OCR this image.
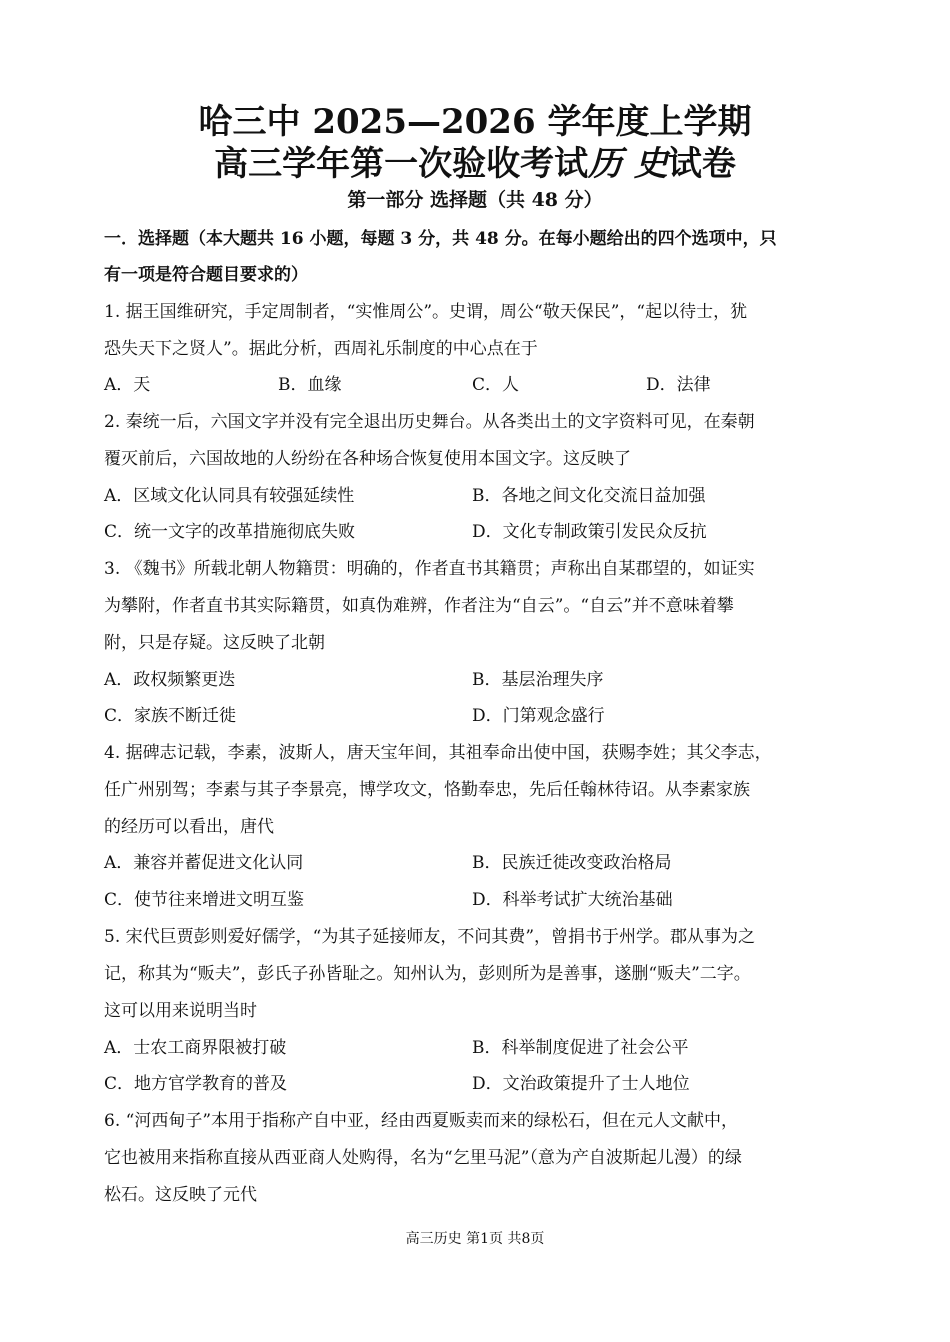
哈三中 2025—2026 学年度上学期
高三学年第一次验收考试历 史试卷
第一部分 选择题（共 48 分）
一．选择题（本大题共 16 小题，每题 3 分，共 48 分。在每小题给出的四个选项中，只
有一项是符合题目要求的）
1. 据王国维研究，手定周制者，“实惟周公”。史谓，周公“敬天保民”，“起以待士，犹
恐失天下之贤人”。据此分析，西周礼乐制度的中心点在于
A．天	B．血缘	C．人	D．法律
2. 秦统一后，六国文字并没有完全退出历史舞台。从各类出土的文字资料可见，在秦朝
覆灭前后，六国故地的人纷纷在各种场合恢复使用本国文字。这反映了
A．区域文化认同具有较强延续性	B．各地之间文化交流日益加强
C．统一文字的改革措施彻底失败	D．文化专制政策引发民众反抗
3. 《魏书》所载北朝人物籍贯：明确的，作者直书其籍贯；声称出自某郡望的，如证实
为攀附，作者直书其实际籍贯，如真伪难辨，作者注为“自云”。“自云”并不意味着攀
附，只是存疑。这反映了北朝
A．政权频繁更迭	B．基层治理失序
C．家族不断迁徙	D．门第观念盛行
4. 据碑志记载，李素，波斯人，唐天宝年间，其祖奉命出使中国，获赐李姓；其父李志，
任广州别驾；李素与其子李景亮，博学攻文，恪勤奉忠，先后任翰林待诏。从李素家族
的经历可以看出，唐代
A．兼容并蓄促进文化认同	B．民族迁徙改变政治格局
C．使节往来增进文明互鉴	D．科举考试扩大统治基础
5. 宋代巨贾彭则爱好儒学，“为其子延接师友，不问其费”，曾捐书于州学。郡从事为之
记，称其为“贩夫”，彭氏子孙皆耻之。知州认为，彭则所为是善事，遂删“贩夫”二字。
这可以用来说明当时
A．士农工商界限被打破	B．科举制度促进了社会公平
C．地方官学教育的普及	D．文治政策提升了士人地位
6. “河西甸子”本用于指称产自中亚，经由西夏贩卖而来的绿松石，但在元人文献中，
它也被用来指称直接从西亚商人处购得，名为“乞里马泥”（意为产自波斯起儿漫）的绿
松石。这反映了元代
高三历史 第1页 共8页
